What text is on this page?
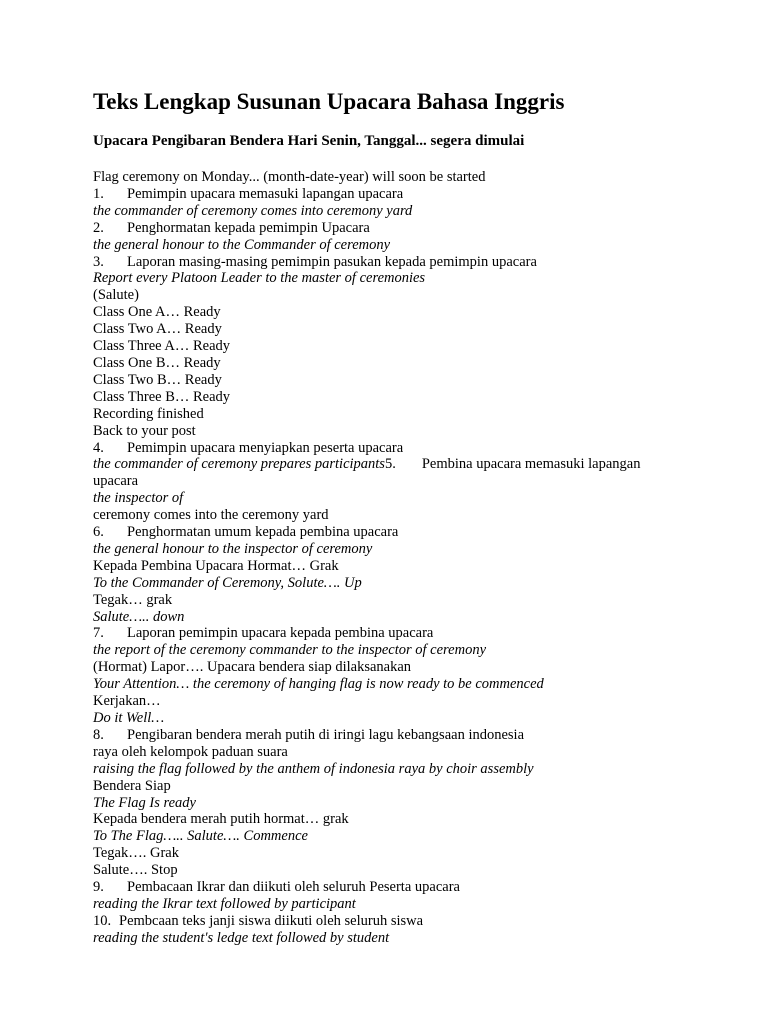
Teks Lengkap Susunan Upacara Bahasa Inggris
Upacara Pengibaran Bendera Hari Senin, Tanggal... segera dimulai
Flag ceremony on Monday... (month-date-year) will soon be started
1. Pemimpin upacara memasuki lapangan upacara
the commander of ceremony comes into ceremony yard
2. Penghormatan kepada pemimpin Upacara
the general honour to the Commander of ceremony
3. Laporan masing-masing pemimpin pasukan kepada pemimpin upacara
Report every Platoon Leader to the master of ceremonies
(Salute)
Class One A… Ready
Class Two A… Ready
Class Three A… Ready
Class One B… Ready
Class Two B… Ready
Class Three B… Ready
Recording finished
Back to your post
4. Pemimpin upacara menyiapkan peserta upacara
the commander of ceremony prepares participants5. Pembina upacara memasuki lapangan
upacara
the inspector of
ceremony comes into the ceremony yard
6. Penghormatan umum kepada pembina upacara
the general honour to the inspector of ceremony
Kepada Pembina Upacara Hormat… Grak
To the Commander of Ceremony, Solute…. Up
Tegak… grak
Salute….. down
7. Laporan pemimpin upacara kepada pembina upacara
the report of the ceremony commander to the inspector of ceremony
(Hormat) Lapor…. Upacara bendera siap dilaksanakan
Your Attention… the ceremony of hanging flag is now ready to be commenced
Kerjakan…
Do it Well…
8. Pengibaran bendera merah putih di iringi lagu kebangsaan indonesia
raya oleh kelompok paduan suara
raising the flag followed by the anthem of indonesia raya by choir assembly
Bendera Siap
The Flag Is ready
Kepada bendera merah putih hormat… grak
To The Flag….. Salute…. Commence
Tegak…. Grak
Salute…. Stop
9. Pembacaan Ikrar dan diikuti oleh seluruh Peserta upacara
reading the Ikrar text followed by participant
10. Pembcaan teks janji siswa diikuti oleh seluruh siswa
reading the student's ledge text followed by student
